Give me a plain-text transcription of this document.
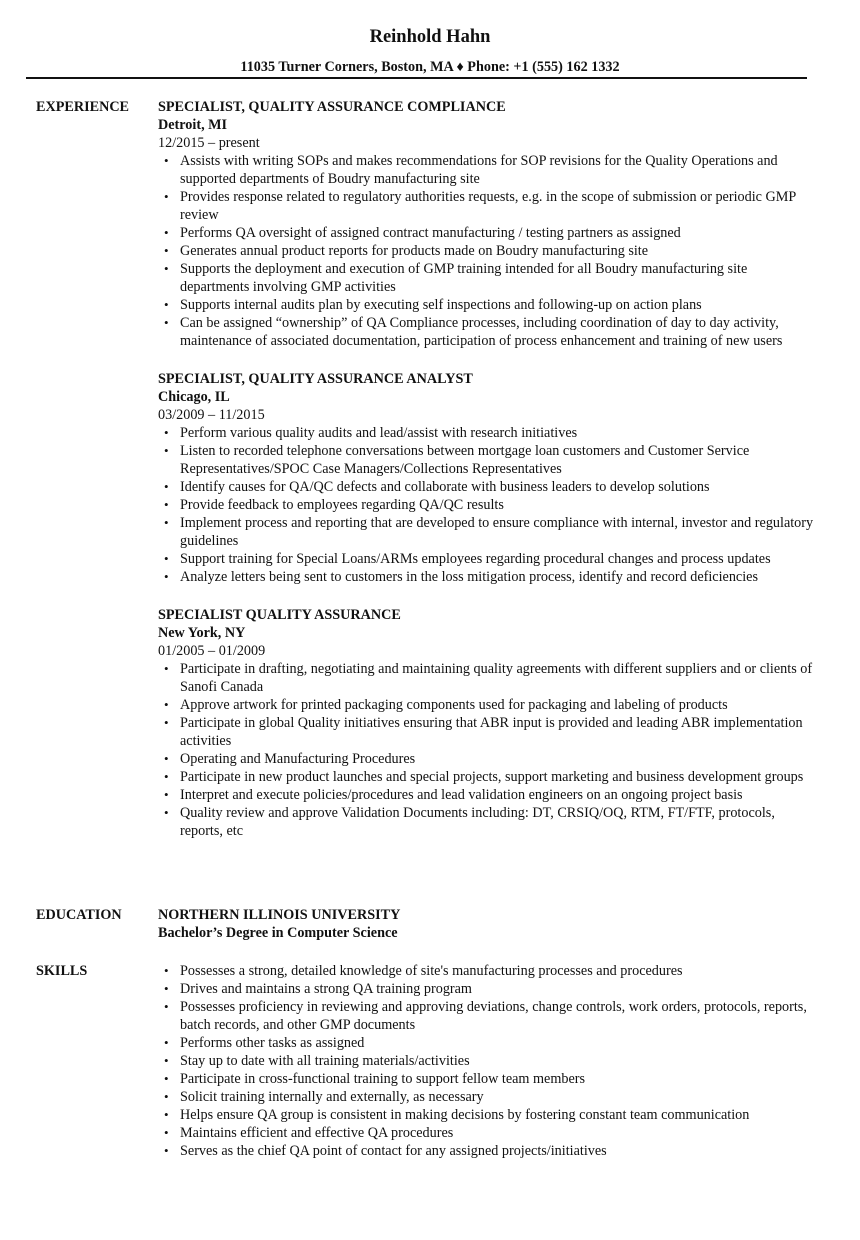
Reinhold Hahn
11035 Turner Corners, Boston, MA ♦ Phone: +1 (555) 162 1332
EXPERIENCE SPECIALIST, QUALITY ASSURANCE COMPLIANCE
Detroit, MI
12/2015 – present
• Assists with writing SOPs and makes recommendations for SOP revisions for the Quality Operations and supported departments of Boudry manufacturing site
• Provides response related to regulatory authorities requests, e.g. in the scope of submission or periodic GMP review
• Performs QA oversight of assigned contract manufacturing / testing partners as assigned
• Generates annual product reports for products made on Boudry manufacturing site
• Supports the deployment and execution of GMP training intended for all Boudry manufacturing site departments involving GMP activities
• Supports internal audits plan by executing self inspections and following-up on action plans
• Can be assigned “ownership” of QA Compliance processes, including coordination of day to day activity, maintenance of associated documentation, participation of process enhancement and training of new users
SPECIALIST, QUALITY ASSURANCE ANALYST
Chicago, IL
03/2009 – 11/2015
• Perform various quality audits and lead/assist with research initiatives
• Listen to recorded telephone conversations between mortgage loan customers and Customer Service Representatives/SPOC Case Managers/Collections Representatives
• Identify causes for QA/QC defects and collaborate with business leaders to develop solutions
• Provide feedback to employees regarding QA/QC results
• Implement process and reporting that are developed to ensure compliance with internal, investor and regulatory guidelines
• Support training for Special Loans/ARMs employees regarding procedural changes and process updates
• Analyze letters being sent to customers in the loss mitigation process, identify and record deficiencies
SPECIALIST QUALITY ASSURANCE
New York, NY
01/2005 – 01/2009
• Participate in drafting, negotiating and maintaining quality agreements with different suppliers and or clients of Sanofi Canada
• Approve artwork for printed packaging components used for packaging and labeling of products
• Participate in global Quality initiatives ensuring that ABR input is provided and leading ABR implementation activities
• Operating and Manufacturing Procedures
• Participate in new product launches and special projects, support marketing and business development groups
• Interpret and execute policies/procedures and lead validation engineers on an ongoing project basis
• Quality review and approve Validation Documents including: DT, CRSIQ/OQ, RTM, FT/FTF, protocols, reports, etc
EDUCATION	NORTHERN ILLINOIS UNIVERSITY
Bachelor’s Degree in Computer Science
SKILLS	• Possesses a strong, detailed knowledge of site's manufacturing processes and procedures
• Drives and maintains a strong QA training program
• Possesses proficiency in reviewing and approving deviations, change controls, work orders, protocols, reports, batch records, and other GMP documents
• Performs other tasks as assigned
• Stay up to date with all training materials/activities
• Participate in cross-functional training to support fellow team members
• Solicit training internally and externally, as necessary
• Helps ensure QA group is consistent in making decisions by fostering constant team communication
• Maintains efficient and effective QA procedures
• Serves as the chief QA point of contact for any assigned projects/initiatives
